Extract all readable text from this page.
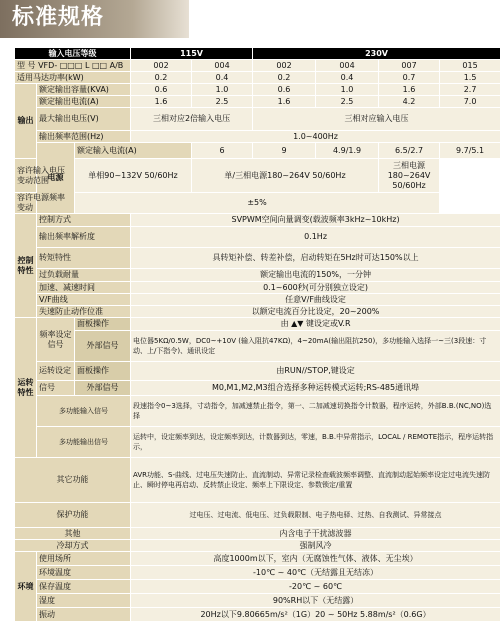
标准规格
输入电压等级			115V		230V				
型 号 VFD- □□□ L □□ A/B			002	004	002	004	007	015	
适用马达功率(kW)			0.2	0.4	0.2	0.4	0.7	1.5	
输出	额定输出容量(KVA)		0.6	1.0	0.6	1.0	1.6	2.7	
	额定输出电流(A)		1.6	2.5	1.6	2.5	4.2	7.0	
	最大输出电压(V)		三相对应2倍输入电压		三相对应输入电压				
	输出频率范围(Hz)		1.0~400Hz						
	电源	额定输入电流(A)		6	9	4.9/1.9	6.5/2.7	9.7/5.1	
容许输入电压变动范围		单相90~132V 50/60Hz		单/三相电源180~264V 50/60Hz			三相电源 180~264V 50/60Hz		
容许电源频率变动		±5%							
控制特性	控制方式		SVPWM空间向量调变(载波频率3kHz~10kHz)						
	输出频率解析度		0.1Hz						
	转矩特性		具转矩补偿、转差补偿，启动转矩在5Hz时可达150%以上						
	过负载耐量		额定输出电流的150%，一分钟						
	加速、减速时间		0.1~600秒(可分别独立设定)						
	V/F曲线		任意V/F曲线设定						
	失速防止动作位准		以额定电流百分比设定，20~200%						
运转特性	频率设定信号	面板操作	由 ▲▼ 键设定或V.R						
		外部信号	电位器5KΩ/0.5W，DC0~+10V (输入阻抗47KΩ)，4~20mA(输出阻抗250)，多功能输入选择一~三(3段速：寸动、上/下指令)、通讯设定						
	运转设定	面板操作	由RUN//STOP,键设定						
	信号	外部信号	M0,M1,M2,M3组合选择多种运转模式运转;RS-485通讯埠						
	多功能输入信号		段速指令0~3选择，寸动指令，加减速禁止指令，第一、二加减速切换指令计数器，程序运转，外部B.B.(NC,NO)选择						
	多功能输出信号		运转中，设定频率到达，设定频率到达，计数器到达，零速，B.B.中异常指示，LOCAL / REMOTE指示，程序运转指示，						
其它功能			AVR功能、S-曲线、过电压失速防止、直流制动、异常记录检查载波频率调整、直流制动起始频率设定过电流失速防止、瞬时停电再启动、反转禁止设定、频率上下限设定、参数锁定/重置						
保护功能			过电压、过电流、低电压、过负载限制、电子热电驿、过热、自我测试、异常接点						
其他			内含电子干扰滤波器						
冷却方式			强制风冷						
环境	使用场所		高度1000m以下，室内（无腐蚀性气体、液体、无尘埃）						
	环境温度		-10℃ ~ 40℃（无结露且无结冻）						
	保存温度		-20℃ ~ 60℃						
	湿度		90%RH以下（无结露）						
	振动		20Hz以下9.80665m/s²（1G）20 ~ 50Hz 5.88m/s²（0.6G）						
